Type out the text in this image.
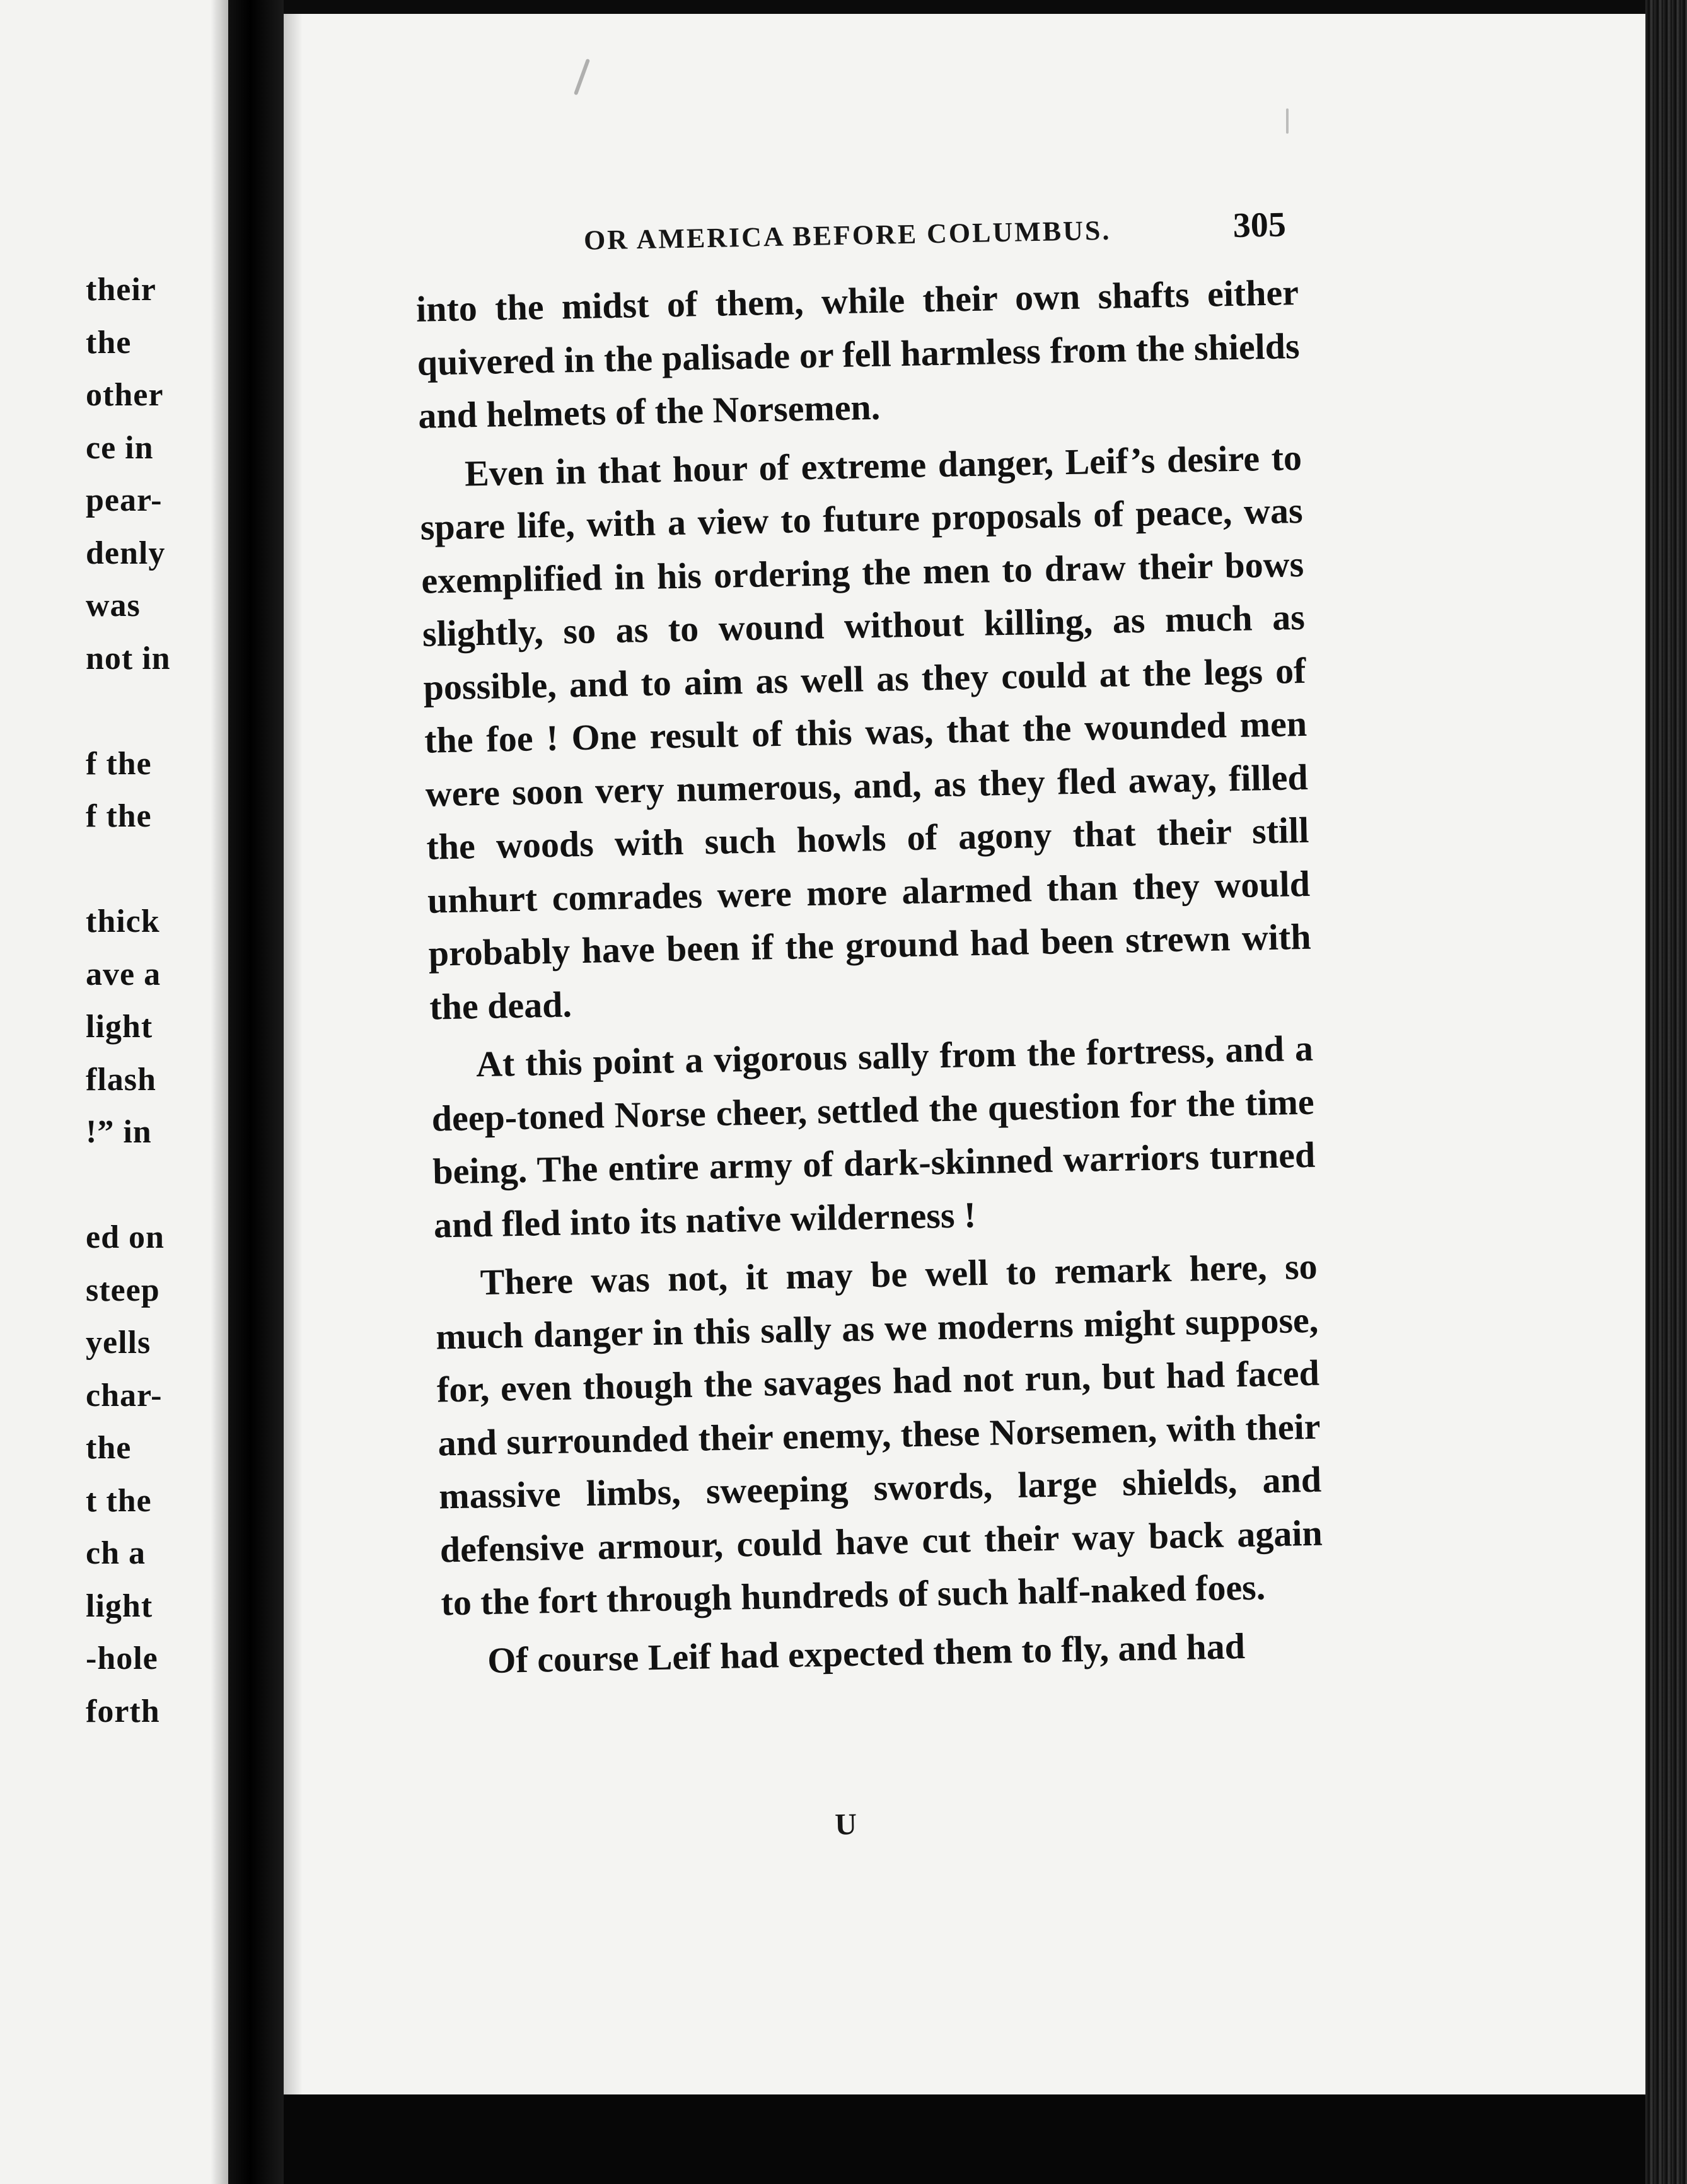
their
the
other
ce in
pear-
denly
was
not in
f the
f the
thick
ave a
light
flash
!” in
ed on
steep
yells
char-
the
t the
ch a
light
-hole
forth
OR AMERICA BEFORE COLUMBUS.	305

into the midst of them, while their own shafts either quivered in the palisade or fell harmless from the shields and helmets of the Norsemen.

Even in that hour of extreme danger, Leif’s desire to spare life, with a view to future proposals of peace, was exemplified in his ordering the men to draw their bows slightly, so as to wound without killing, as much as possible, and to aim as well as they could at the legs of the foe ! One result of this was, that the wounded men were soon very numerous, and, as they fled away, filled the woods with such howls of agony that their still unhurt comrades were more alarmed than they would probably have been if the ground had been strewn with the dead.

At this point a vigorous sally from the fortress, and a deep-toned Norse cheer, settled the question for the time being. The entire army of dark-skinned warriors turned and fled into its native wilderness !

There was not, it may be well to remark here, so much danger in this sally as we moderns might suppose, for, even though the savages had not run, but had faced and surrounded their enemy, these Norsemen, with their massive limbs, sweeping swords, large shields, and defensive armour, could have cut their way back again to the fort through hundreds of such half-naked foes.

Of course Leif had expected them to fly, and had

U
